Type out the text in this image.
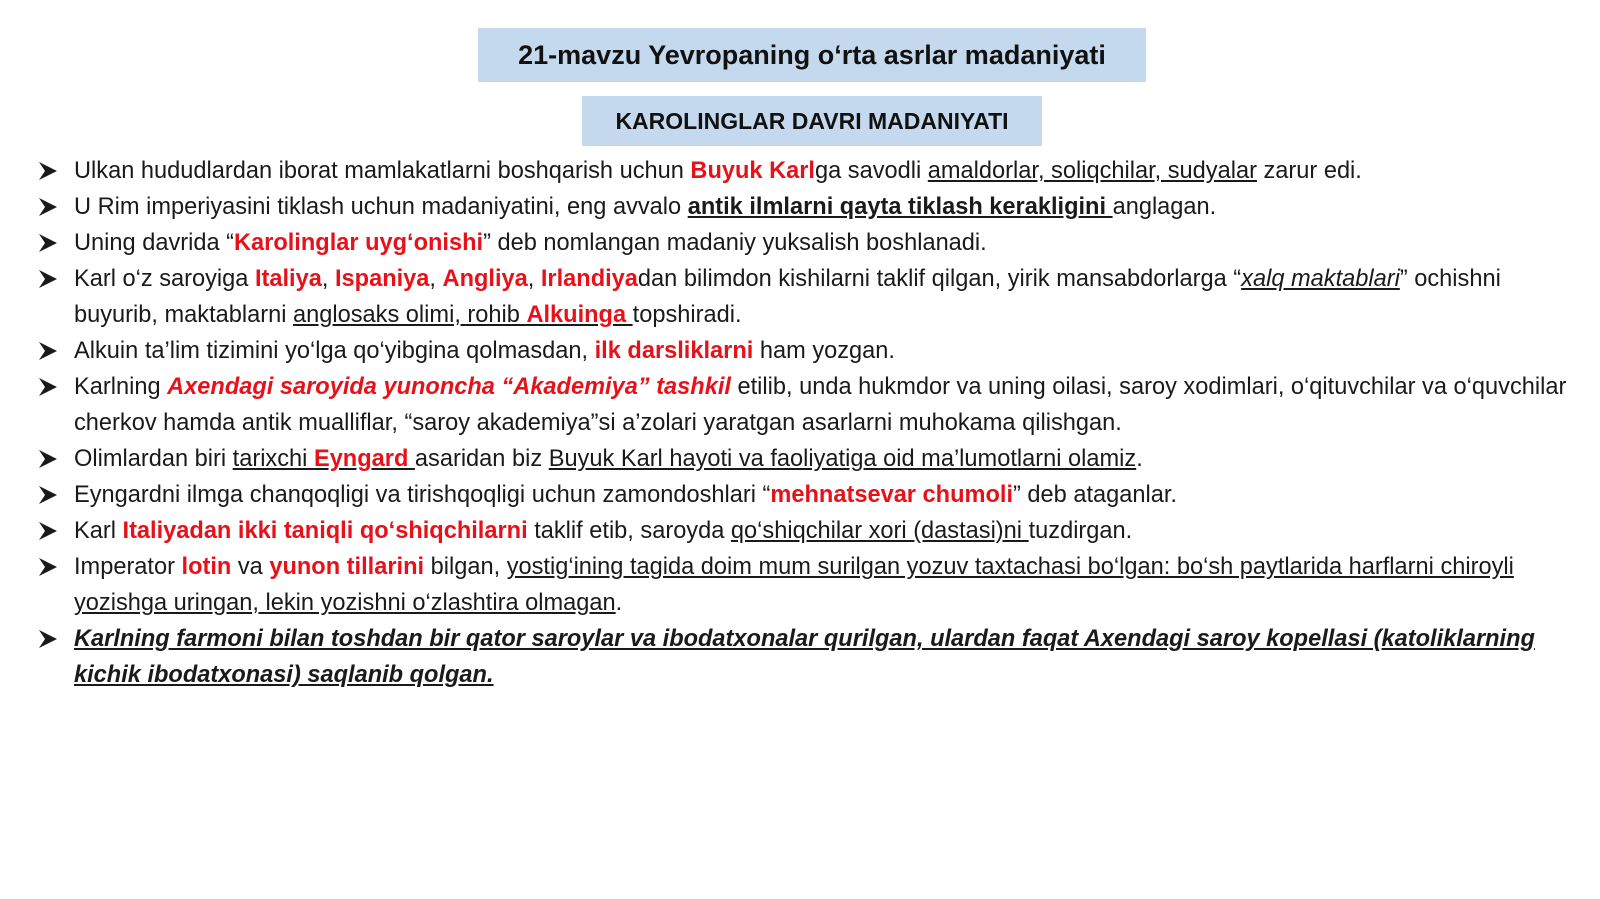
21-mavzu Yevropaning o‘rta asrlar madaniyati
KAROLINGLAR DAVRI MADANIYATI
Ulkan hududlardan iborat mamlakatlarni boshqarish uchun Buyuk Karlga savodli amaldorlar, soliqchilar, sudyalar zarur edi.
U Rim imperiyasini tiklash uchun madaniyatini, eng avvalo antik ilmlarni qayta tiklash kerakligini anglagan.
Uning davrida “Karolinglar uyg‘onishi” deb nomlangan madaniy yuksalish boshlanadi.
Karl o‘z saroyiga Italiya, Ispaniya, Angliya, Irlandiyadan bilimdon kishilarni taklif qilgan, yirik mansabdorlarga “xalq maktablari” ochishni buyurib, maktablarni anglosaks olimi, rohib Alkuinga topshiradi.
Alkuin ta’lim tizimini yo‘lga qo‘yibgina qolmasdan, ilk darsliklarni ham yozgan.
Karlning Axendagi saroyida yunoncha “Akademiya” tashkil etilib, unda hukmdor va uning oilasi, saroy xodimlari, o‘qituvchilar va o‘quvchilar cherkov hamda antik mualliflar, “saroy akademiya”si a’zolari yaratgan asarlarni muhokama qilishgan.
Olimlardan biri tarixchi Eyngard asaridan biz Buyuk Karl hayoti va faoliyatiga oid ma’lumotlarni olamiz.
Eyngardni ilmga chanqoqligi va tirishqoqligi uchun zamondoshlari “mehnatsevar chumoli” deb ataganlar.
Karl Italiyadan ikki taniqli qo‘shiqchilarni taklif etib, saroyda qo‘shiqchilar xori (dastasi)ni tuzdirgan.
Imperator lotin va yunon tillarini bilgan, yostig‘ining tagida doim mum surilgan yozuv taxtachasi bo‘lgan: bo‘sh paytlarida harflarni chiroyli yozishga uringan, lekin yozishni o‘zlashtira olmagan.
Karlning farmoni bilan toshdan bir qator saroylar va ibodatxonalar qurilgan, ulardan faqat Axendagi saroy kopellasi (katoliklarning kichik ibodatxonasi) saqlanib qolgan.
